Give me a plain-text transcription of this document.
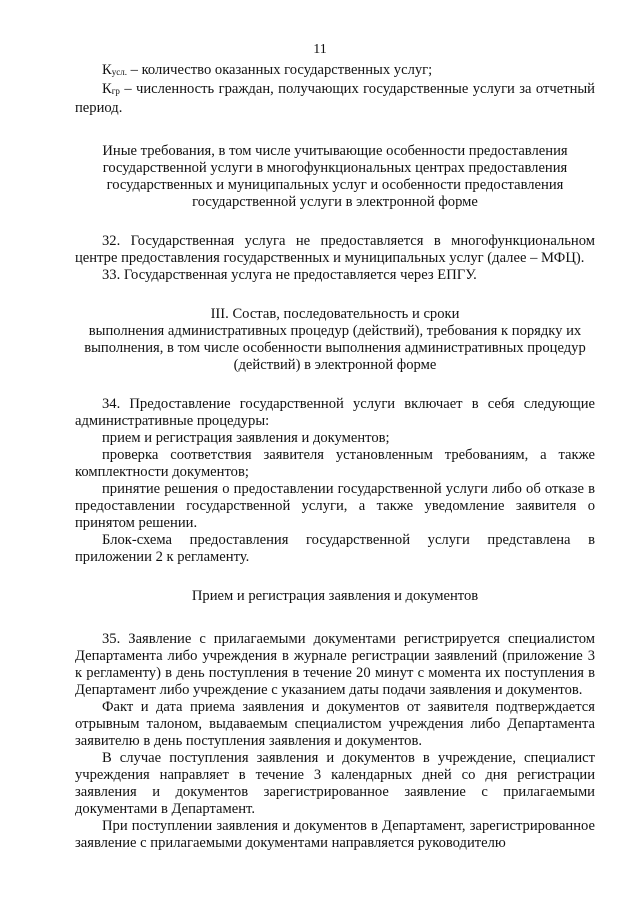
11

Кусл. – количество оказанных государственных услуг;

Кгр – численность граждан, получающих государственные услуги за отчетный период.

Иные требования, в том числе учитывающие особенности предоставления государственной услуги в многофункциональных центрах предоставления государственных и муниципальных услуг и особенности предоставления государственной услуги в электронной форме

32. Государственная услуга не предоставляется в многофункциональном центре предоставления государственных и муниципальных услуг (далее – МФЦ).

33. Государственная услуга не предоставляется через ЕПГУ.

III. Состав, последовательность и сроки

выполнения административных процедур (действий), требования к порядку их выполнения, в том числе особенности выполнения административных процедур (действий) в электронной форме

34. Предоставление государственной услуги включает в себя следующие административные процедуры:

прием и регистрация заявления и документов;

проверка соответствия заявителя установленным требованиям, а также комплектности документов;

принятие решения о предоставлении государственной услуги либо об отказе в предоставлении государственной услуги, а также уведомление заявителя о принятом решении.

Блок-схема предоставления государственной услуги представлена в приложении 2 к регламенту.

Прием и регистрация заявления и документов

35. Заявление с прилагаемыми документами регистрируется специалистом Департамента либо учреждения в журнале регистрации заявлений (приложение 3 к регламенту) в день поступления в течение 20 минут с момента их поступления в Департамент либо учреждение с указанием даты подачи заявления и документов.

Факт и дата приема заявления и документов от заявителя подтверждается отрывным талоном, выдаваемым специалистом учреждения либо Департамента заявителю в день поступления заявления и документов.

В случае поступления заявления и документов в учреждение, специалист учреждения направляет в течение 3 календарных дней со дня регистрации заявления и документов зарегистрированное заявление с прилагаемыми документами в Департамент.

При поступлении заявления и документов в Департамент, зарегистрированное заявление с прилагаемыми документами направляется руководителю
